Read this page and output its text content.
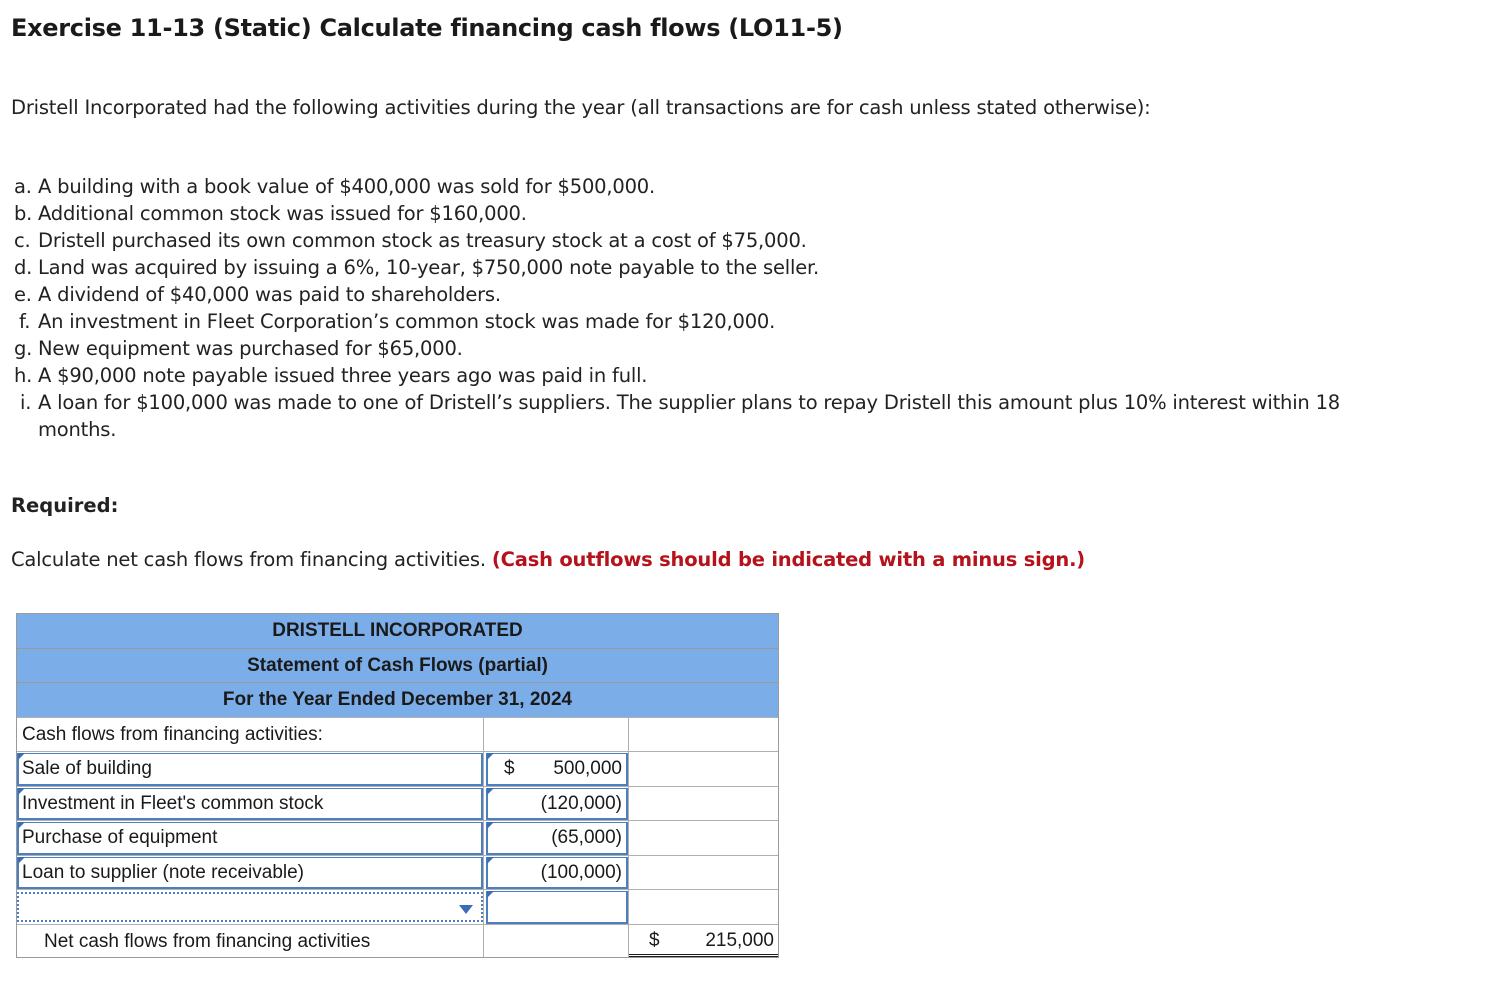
Exercise 11-13 (Static) Calculate financing cash flows (LO11-5)
Dristell Incorporated had the following activities during the year (all transactions are for cash unless stated otherwise):
a. A building with a book value of $400,000 was sold for $500,000.
b. Additional common stock was issued for $160,000.
c. Dristell purchased its own common stock as treasury stock at a cost of $75,000.
d. Land was acquired by issuing a 6%, 10-year, $750,000 note payable to the seller.
e. A dividend of $40,000 was paid to shareholders.
f. An investment in Fleet Corporation’s common stock was made for $120,000.
g. New equipment was purchased for $65,000.
h. A $90,000 note payable issued three years ago was paid in full.
i. A loan for $100,000 was made to one of Dristell’s suppliers. The supplier plans to repay Dristell this amount plus 10% interest within 18 months.
Required:
Calculate net cash flows from financing activities. (Cash outflows should be indicated with a minus sign.)
DRISTELL INCORPORATED
Statement of Cash Flows (partial)
For the Year Ended December 31, 2024
Cash flows from financing activities:
Sale of building	$ 500,000
Investment in Fleet's common stock	(120,000)
Purchase of equipment	(65,000)
Loan to supplier (note receivable)	(100,000)
Net cash flows from financing activities	$ 215,000
